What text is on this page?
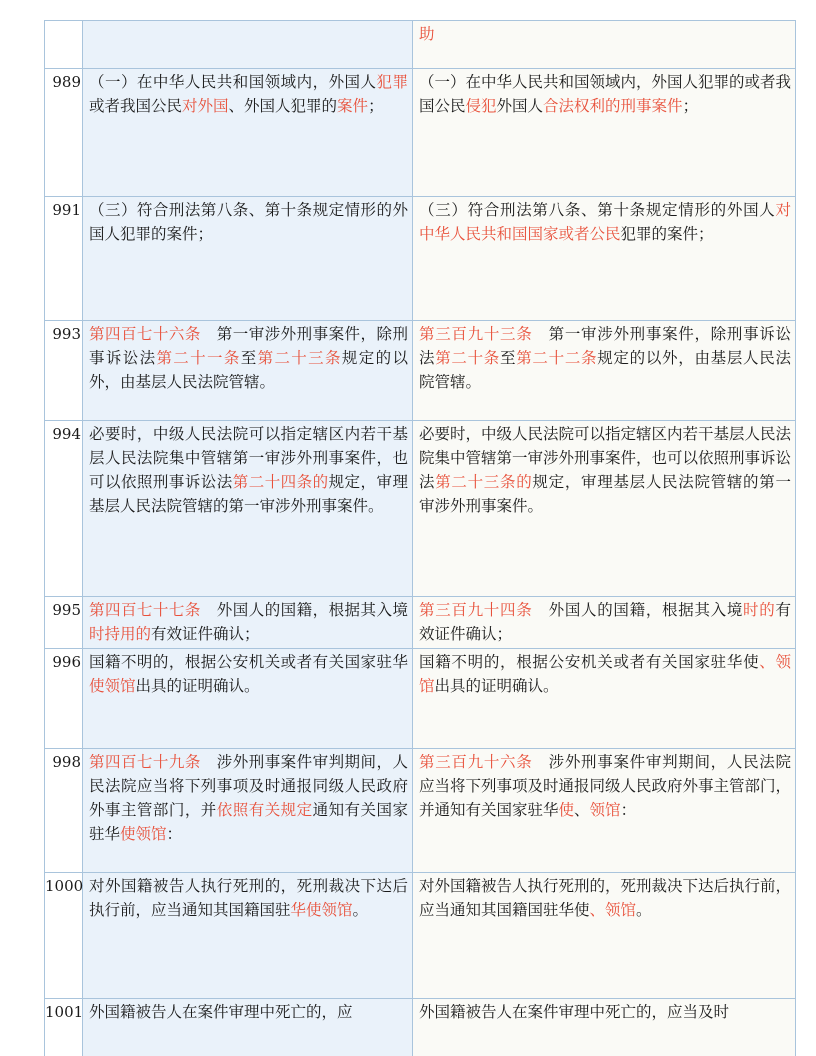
助
989 （一）在中华人民共和国领域内，外国人犯罪或者我国公民对外国、外国人犯罪的案件；
（一）在中华人民共和国领域内，外国人犯罪的或者我国公民侵犯外国人合法权利的刑事案件；
991 （三）符合刑法第八条、第十条规定情形的外国人犯罪的案件；
（三）符合刑法第八条、第十条规定情形的外国人对中华人民共和国国家或者公民犯罪的案件；
993 第四百七十六条　第一审涉外刑事案件，除刑事诉讼法第二十一条至第二十三条规定的以外，由基层人民法院管辖。
第三百九十三条　第一审涉外刑事案件，除刑事诉讼法第二十条至第二十二条规定的以外，由基层人民法院管辖。
994 必要时，中级人民法院可以指定辖区内若干基层人民法院集中管辖第一审涉外刑事案件，也可以依照刑事诉讼法第二十四条的规定，审理基层人民法院管辖的第一审涉外刑事案件。
必要时，中级人民法院可以指定辖区内若干基层人民法院集中管辖第一审涉外刑事案件，也可以依照刑事诉讼法第二十三条的规定，审理基层人民法院管辖的第一审涉外刑事案件。
995 第四百七十七条　外国人的国籍，根据其入境时持用的有效证件确认；
第三百九十四条　外国人的国籍，根据其入境时的有效证件确认；
996 国籍不明的，根据公安机关或者有关国家驻华使领馆出具的证明确认。
国籍不明的，根据公安机关或者有关国家驻华使、领馆出具的证明确认。
998 第四百七十九条　涉外刑事案件审判期间，人民法院应当将下列事项及时通报同级人民政府外事主管部门，并依照有关规定通知有关国家驻华使领馆：
第三百九十六条　涉外刑事案件审判期间，人民法院应当将下列事项及时通报同级人民政府外事主管部门，并通知有关国家驻华使、领馆：
1000 对外国籍被告人执行死刑的，死刑裁决下达后执行前，应当通知其国籍国驻华使领馆。
对外国籍被告人执行死刑的，死刑裁决下达后执行前，应当通知其国籍国驻华使、领馆。
1001 外国籍被告人在案件审理中死亡的，应	外国籍被告人在案件审理中死亡的，应当及时
